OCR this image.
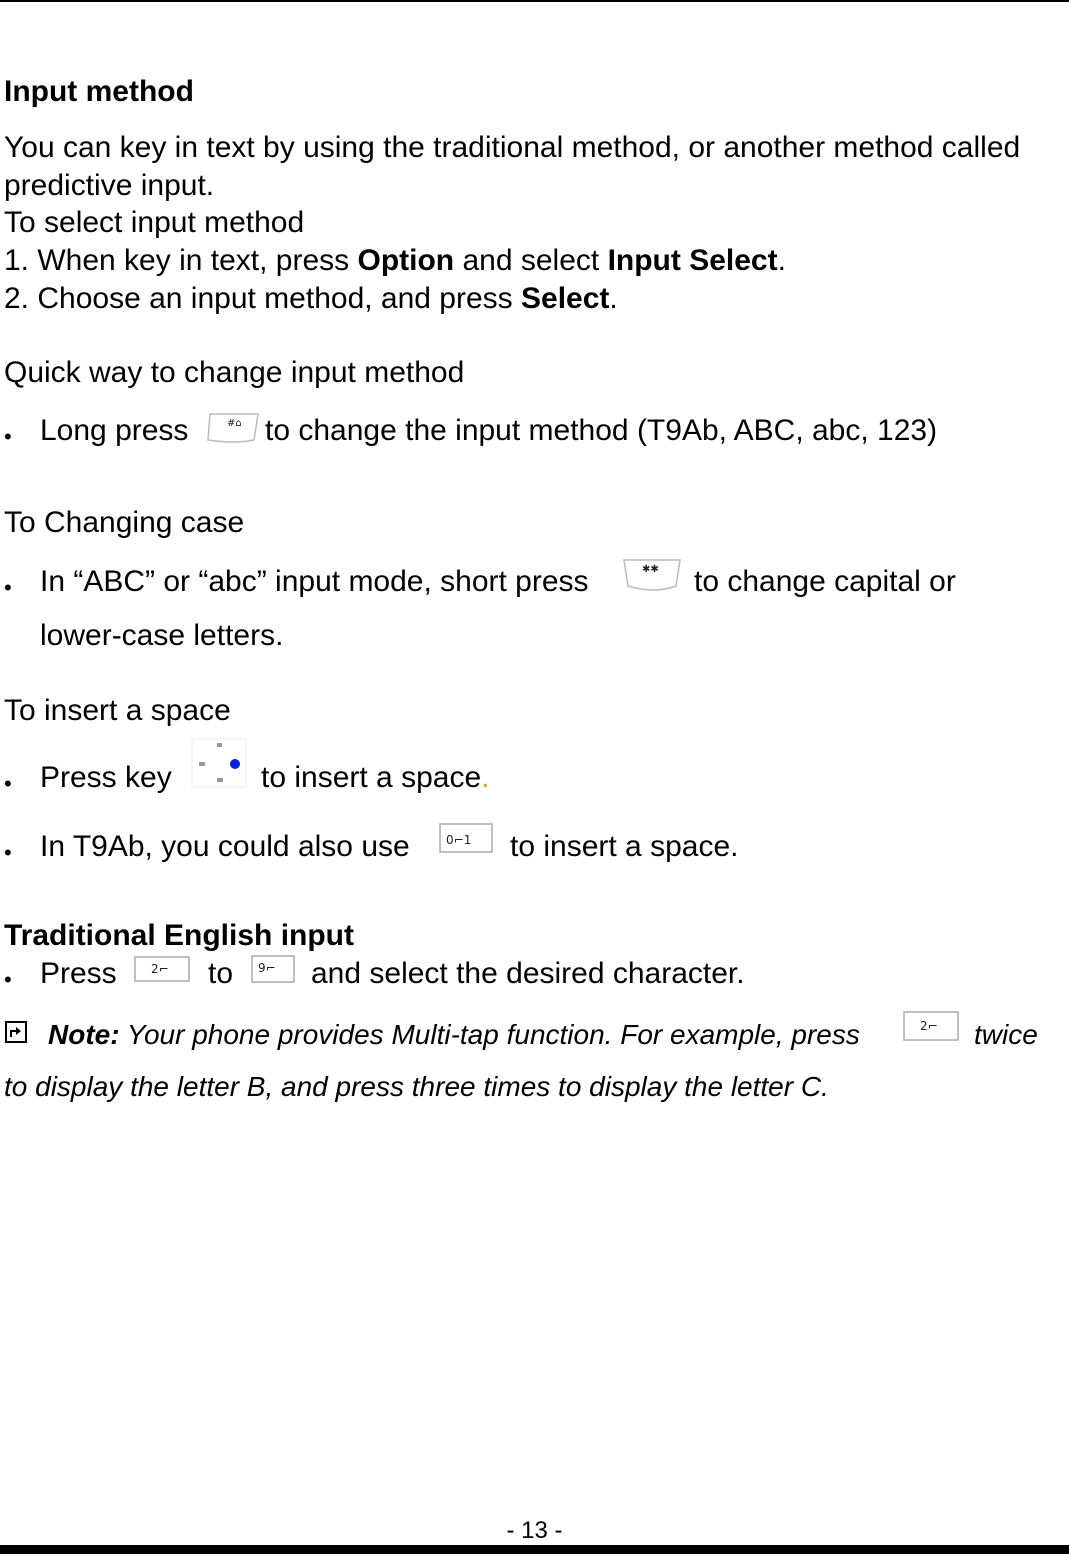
Input method
You can key in text by using the traditional method, or another method called
predictive input.
To select input method
1. When key in text, press Option and select Input Select.
2. Choose an input method, and press Select.
Quick way to change input method
• Long press	#⌂ to change the input method (T9Ab, ABC, abc, 123)
To Changing case
• In “ABC” or “abc” input mode, short press	✱✱ to change capital or
lower-case letters.
To insert a space
• Press key	to insert a space.
• In T9Ab, you could also use	0⌐1 to insert a space.
Traditional English input
• Press	2⌐ to 9⌐ and select the desired character.
Note: Your phone provides Multi-tap function. For example, press	2⌐ twice
to display the letter B, and press three times to display the letter C.
- 13 -
